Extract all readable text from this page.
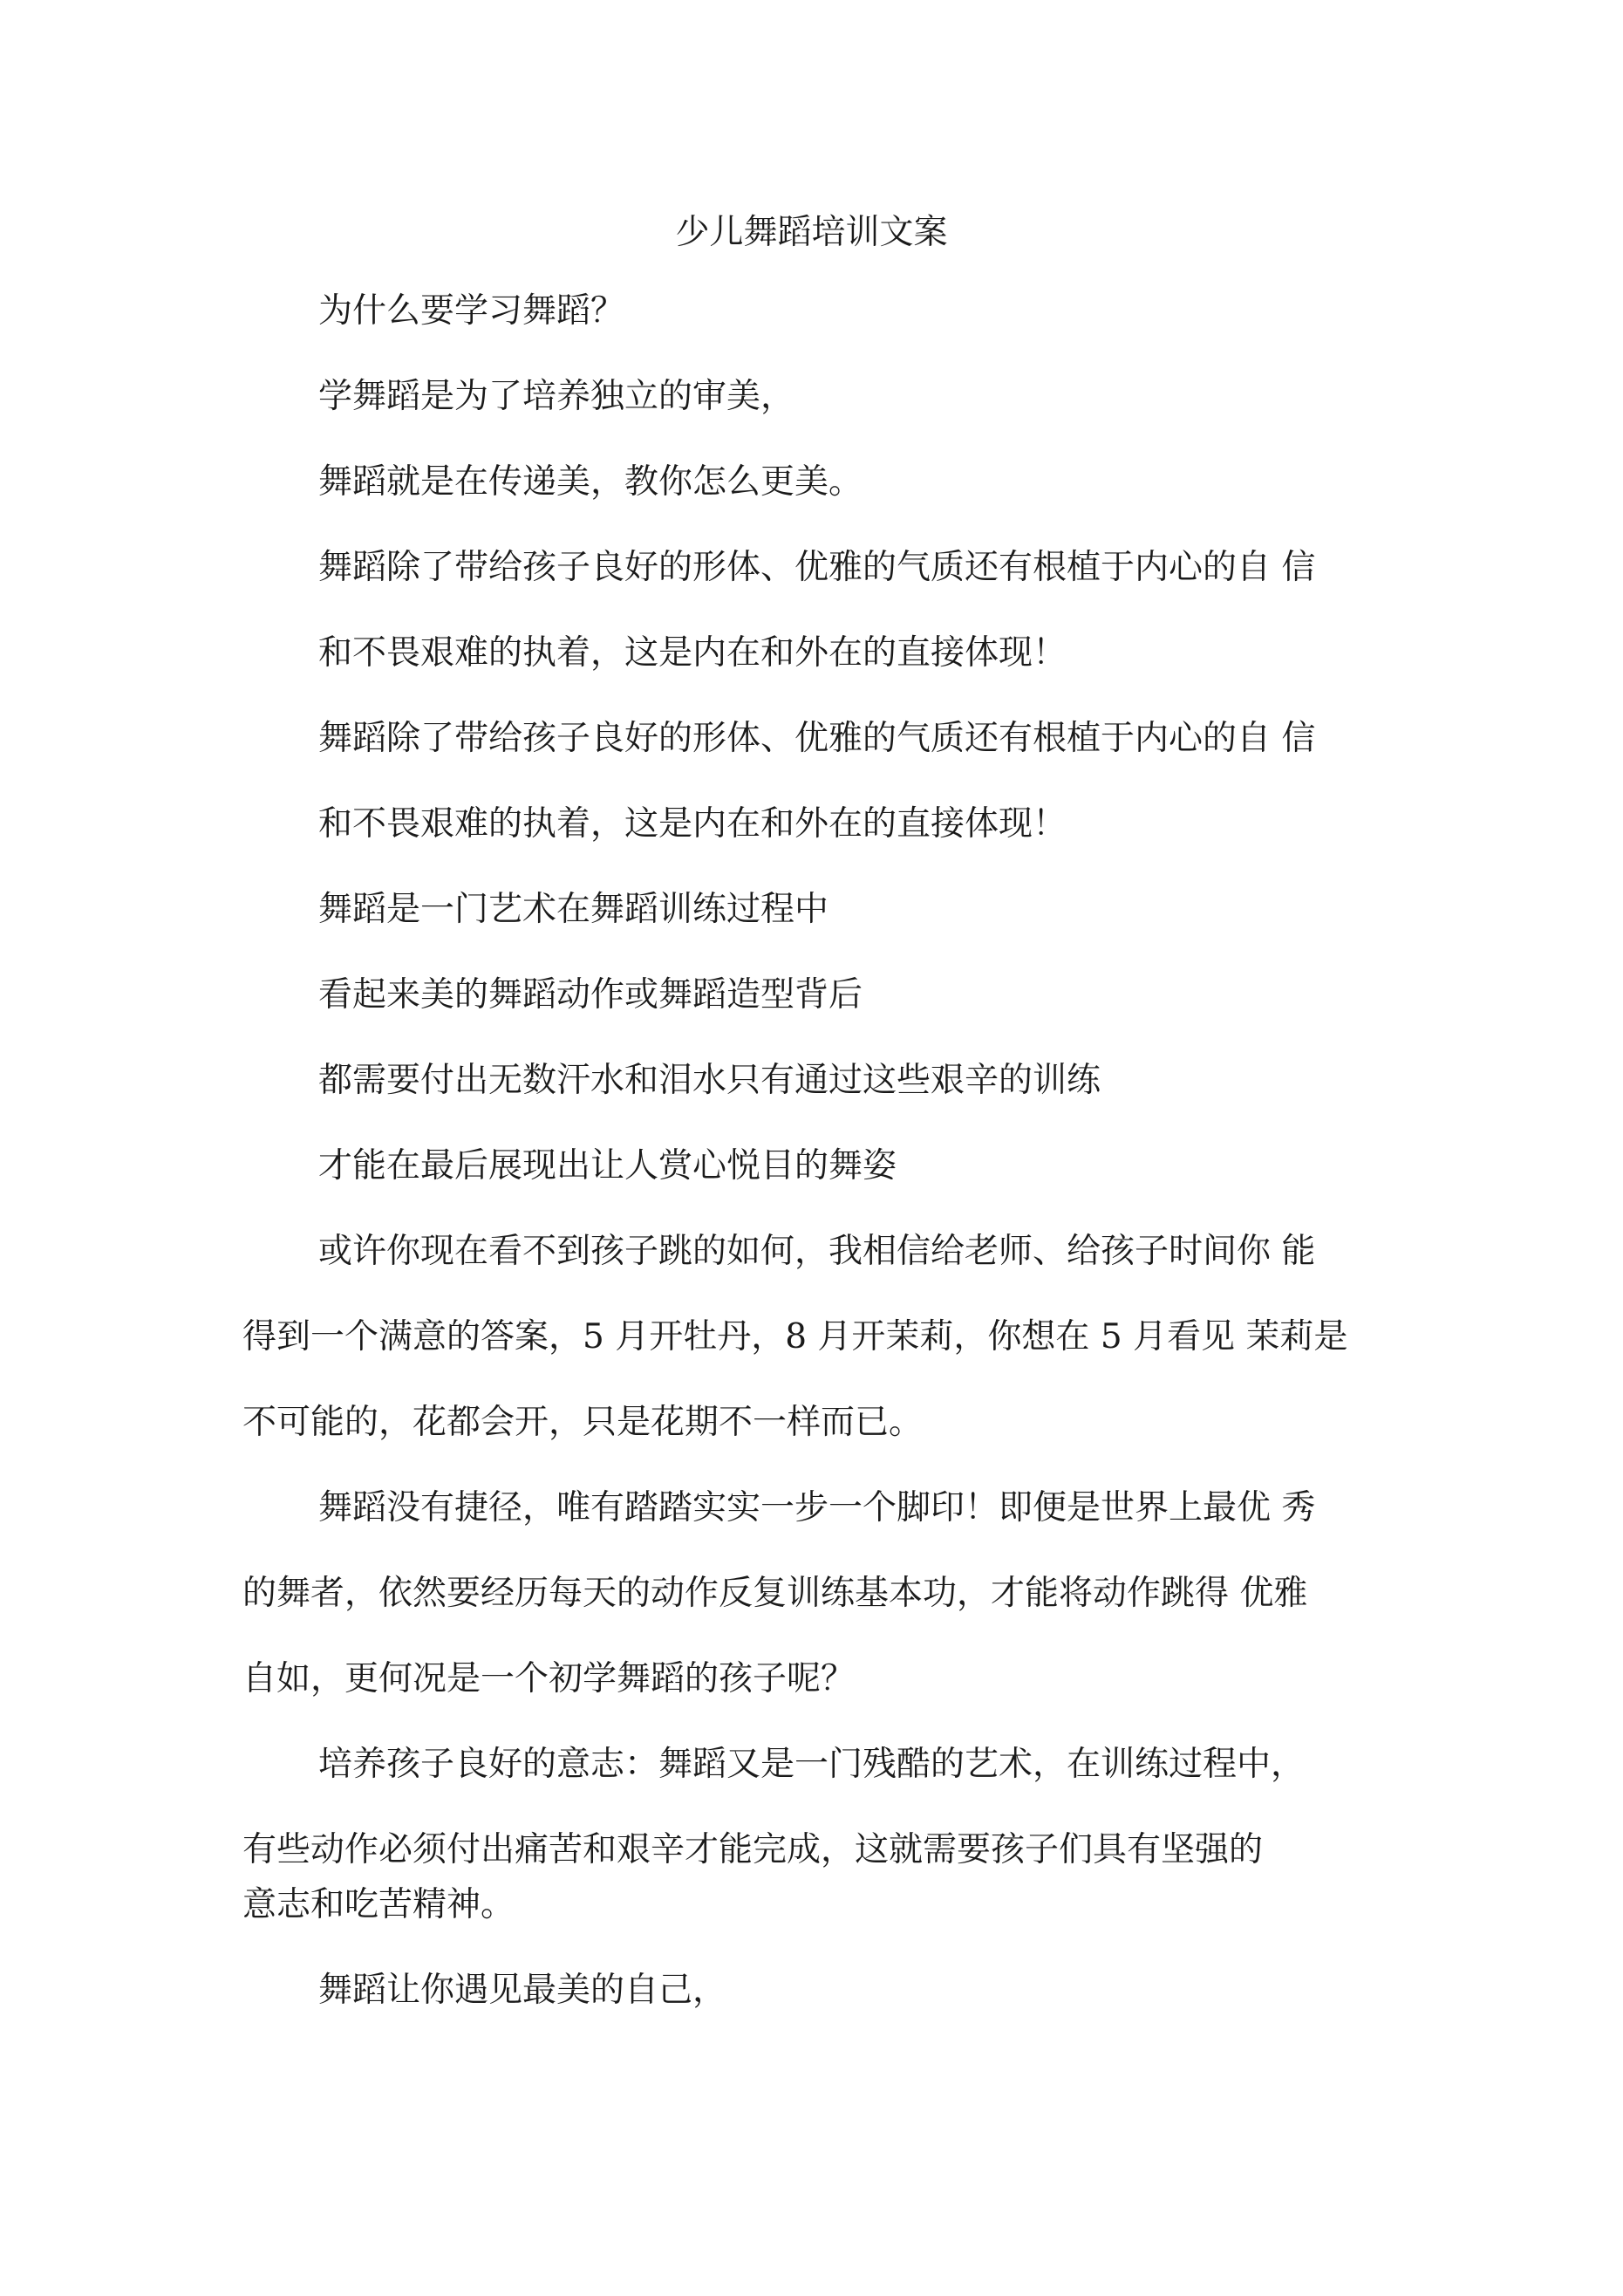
少儿舞蹈培训文案
为什么要学习舞蹈？
学舞蹈是为了培养独立的审美，
舞蹈就是在传递美，教你怎么更美。
舞蹈除了带给孩子良好的形体、优雅的气质还有根植于内心的自 信
和不畏艰难的执着，这是内在和外在的直接体现！
舞蹈除了带给孩子良好的形体、优雅的气质还有根植于内心的自 信
和不畏艰难的执着，这是内在和外在的直接体现！
舞蹈是一门艺术在舞蹈训练过程中
看起来美的舞蹈动作或舞蹈造型背后
都需要付出无数汗水和泪水只有通过这些艰辛的训练
才能在最后展现出让人赏心悦目的舞姿
或许你现在看不到孩子跳的如何，我相信给老师、给孩子时间你 能
得到一个满意的答案，5 月开牡丹，8 月开茉莉，你想在 5 月看见 茉莉是
不可能的，花都会开，只是花期不一样而已。
舞蹈没有捷径，唯有踏踏实实一步一个脚印！即便是世界上最优 秀
的舞者，依然要经历每天的动作反复训练基本功，才能将动作跳得 优雅
自如，更何况是一个初学舞蹈的孩子呢？
培养孩子良好的意志：舞蹈又是一门残酷的艺术，在训练过程中，
有些动作必须付出痛苦和艰辛才能完成，这就需要孩子们具有坚强的
意志和吃苦精神。
舞蹈让你遇见最美的自己，
